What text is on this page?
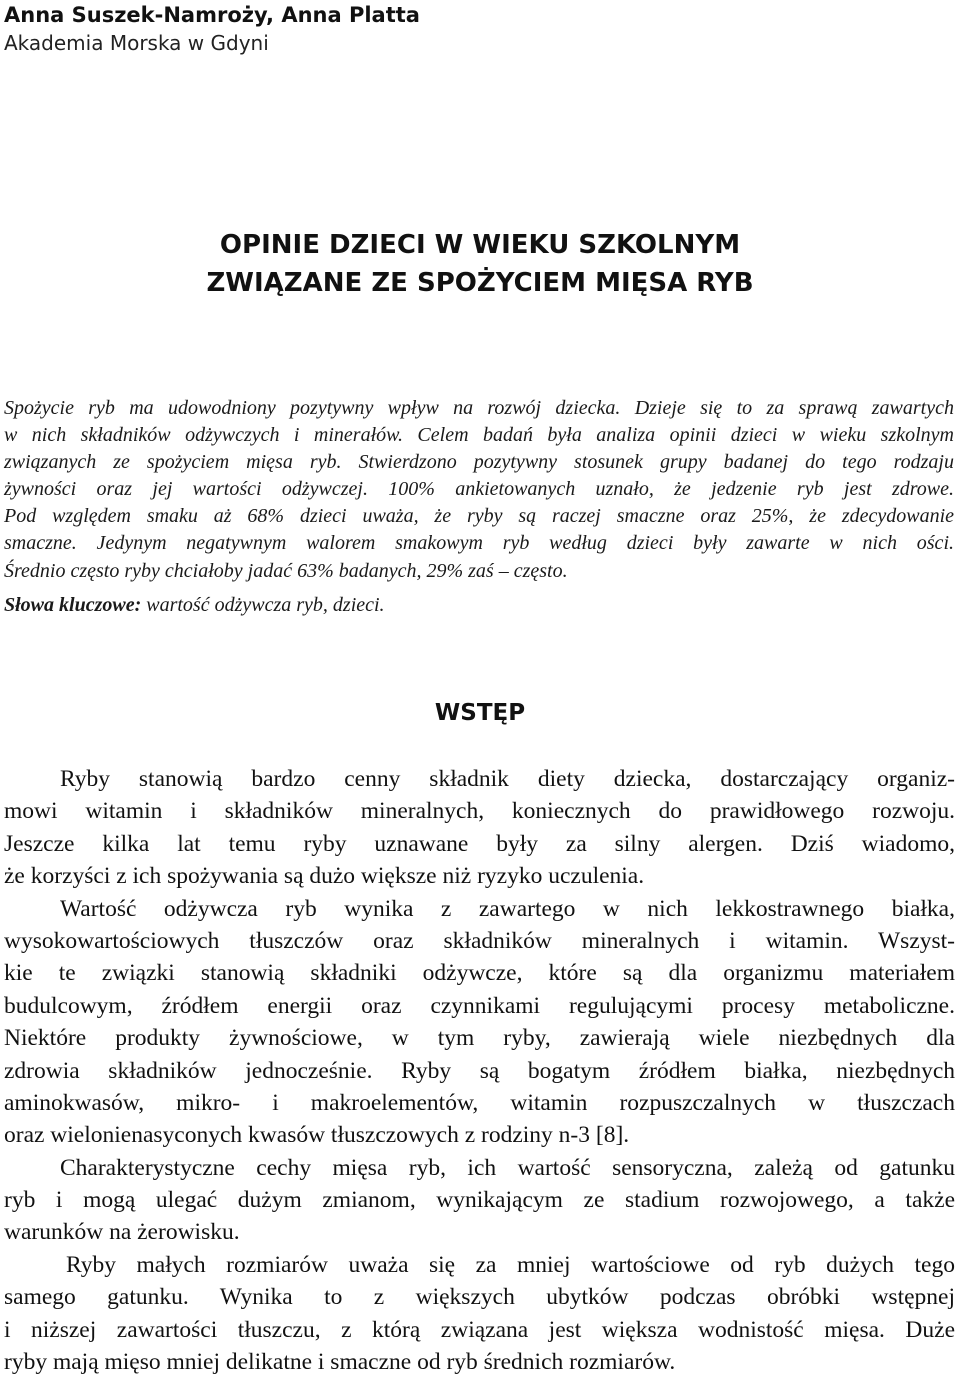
Anna Suszek-Namroży, Anna Platta
Akademia Morska w Gdyni
OPINIE DZIECI W WIEKU SZKOLNYM
ZWIĄZANE ZE SPOŻYCIEM MIĘSA RYB

Spożycie ryb ma udowodniony pozytywny wpływ na rozwój dziecka. Dzieje się to za sprawą zawartych

w nich składników odżywczych i minerałów. Celem badań była analiza opinii dzieci w wieku szkolnym

związanych ze spożyciem mięsa ryb. Stwierdzono pozytywny stosunek grupy badanej do tego rodzaju

żywności oraz jej wartości odżywczej. 100% ankietowanych uznało, że jedzenie ryb jest zdrowe.

Pod względem smaku aż 68% dzieci uważa, że ryby są raczej smaczne oraz 25%, że zdecydowanie

smaczne. Jedynym negatywnym walorem smakowym ryb według dzieci były zawarte w nich ości.

Średnio często ryby chciałoby jadać 63% badanych, 29% zaś – często.

Słowa kluczowe: wartość odżywcza ryb, dzieci.
WSTĘP
Ryby stanowią bardzo cenny składnik diety dziecka, dostarczający organiz-
mowi witamin i składników mineralnych, koniecznych do prawidłowego rozwoju.
Jeszcze kilka lat temu ryby uznawane były za silny alergen. Dziś wiadomo,
że korzyści z ich spożywania są dużo większe niż ryzyko uczulenia.
Wartość odżywcza ryb wynika z zawartego w nich lekkostrawnego białka,
wysokowartościowych tłuszczów oraz składników mineralnych i witamin. Wszyst-
kie te związki stanowią składniki odżywcze, które są dla organizmu materiałem
budulcowym, źródłem energii oraz czynnikami regulującymi procesy metaboliczne.
Niektóre produkty żywnościowe, w tym ryby, zawierają wiele niezbędnych dla
zdrowia składników jednocześnie. Ryby są bogatym źródłem białka, niezbędnych
aminokwasów, mikro- i makroelementów, witamin rozpuszczalnych w tłuszczach
oraz wielonienasyconych kwasów tłuszczowych z rodziny n-3 [8].
Charakterystyczne cechy mięsa ryb, ich wartość sensoryczna, zależą od gatunku
ryb i mogą ulegać dużym zmianom, wynikającym ze stadium rozwojowego, a także
warunków na żerowisku.
Ryby małych rozmiarów uważa się za mniej wartościowe od ryb dużych tego
samego gatunku. Wynika to z większych ubytków podczas obróbki wstępnej
i niższej zawartości tłuszczu, z którą związana jest większa wodnistość mięsa. Duże
ryby mają mięso mniej delikatne i smaczne od ryb średnich rozmiarów.
